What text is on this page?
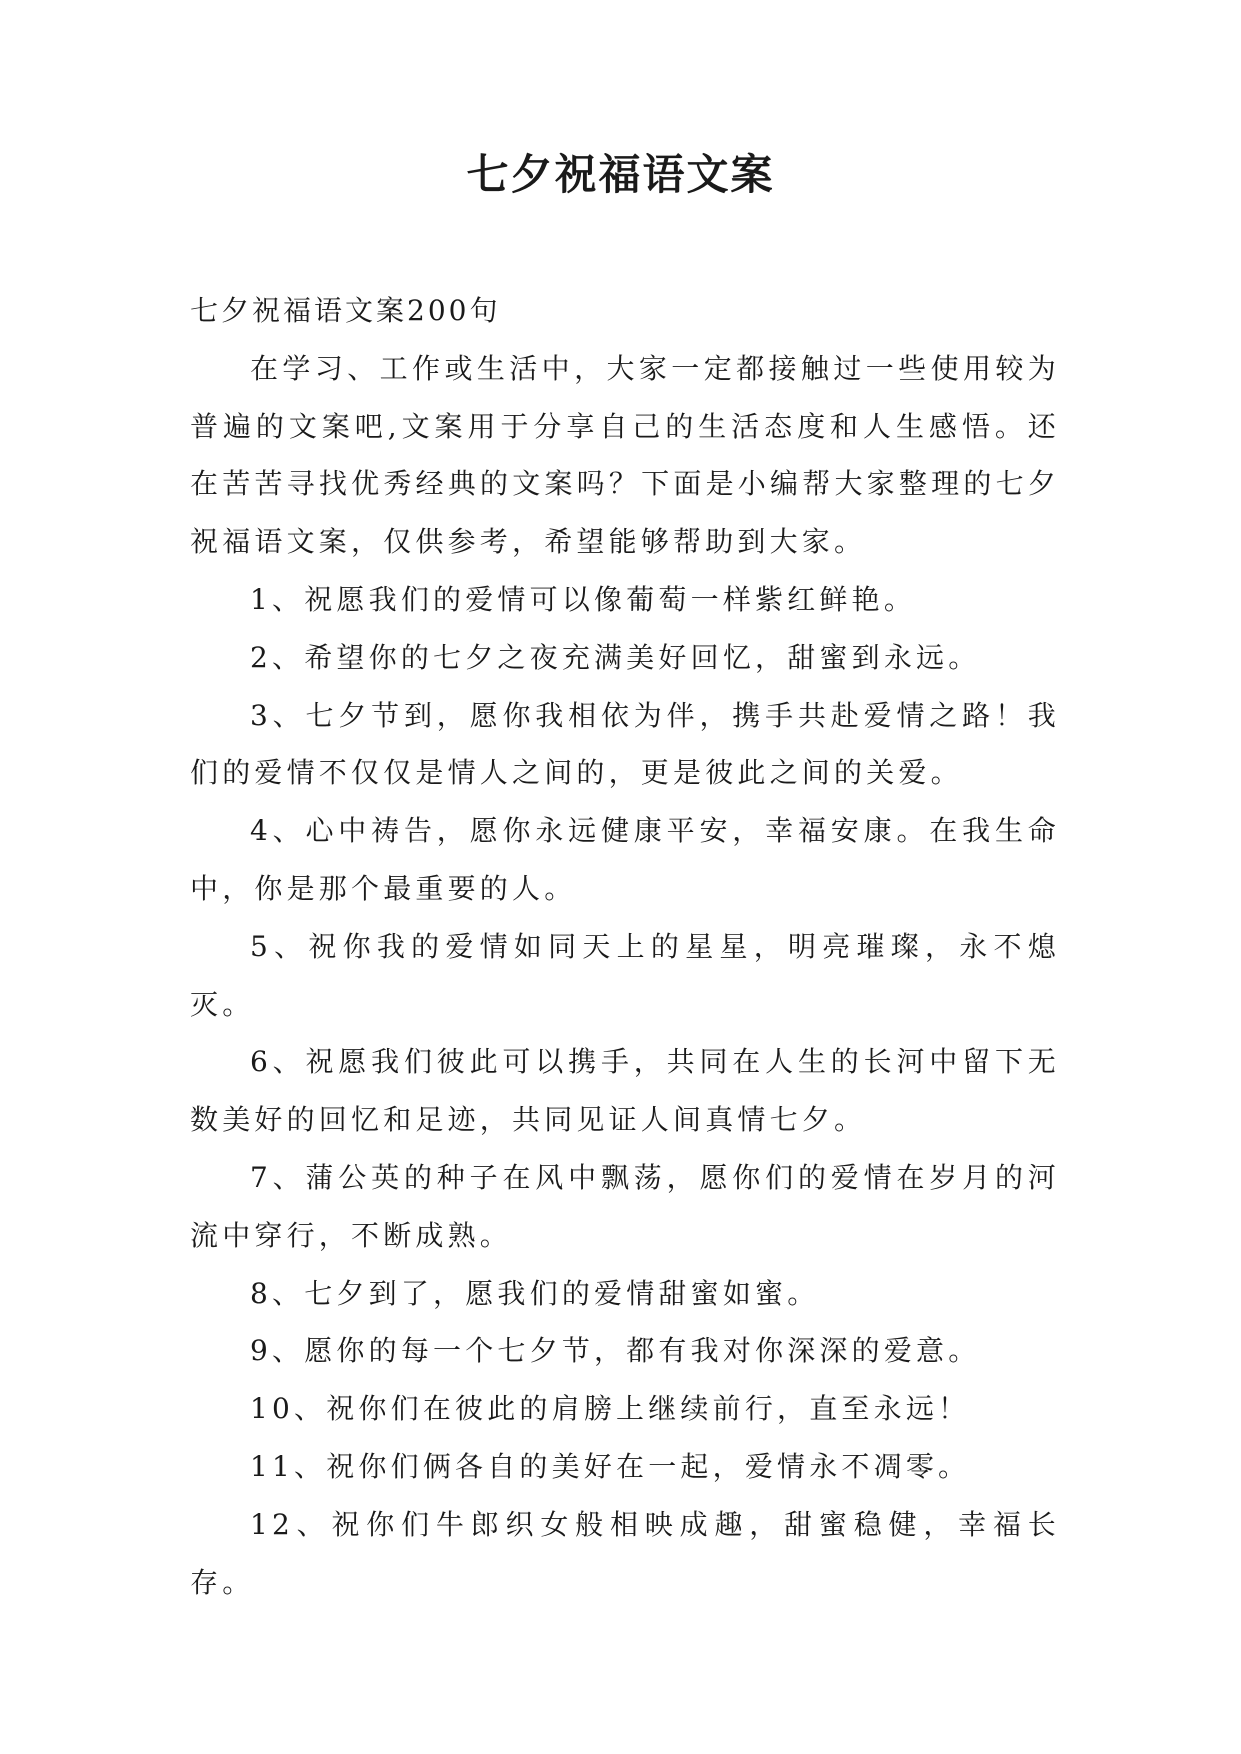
七夕祝福语文案

七夕祝福语文案200句

在学习、工作或生活中，大家一定都接触过一些使用较为普遍的文案吧,文案用于分享自己的生活态度和人生感悟。还在苦苦寻找优秀经典的文案吗？下面是小编帮大家整理的七夕祝福语文案，仅供参考，希望能够帮助到大家。

1、祝愿我们的爱情可以像葡萄一样紫红鲜艳。

2、希望你的七夕之夜充满美好回忆，甜蜜到永远。

3、七夕节到，愿你我相依为伴，携手共赴爱情之路！我们的爱情不仅仅是情人之间的，更是彼此之间的关爱。

4、心中祷告，愿你永远健康平安，幸福安康。在我生命中，你是那个最重要的人。

5、祝你我的爱情如同天上的星星，明亮璀璨，永不熄灭。

6、祝愿我们彼此可以携手，共同在人生的长河中留下无数美好的回忆和足迹，共同见证人间真情七夕。

7、蒲公英的种子在风中飘荡，愿你们的爱情在岁月的河流中穿行，不断成熟。

8、七夕到了，愿我们的爱情甜蜜如蜜。

9、愿你的每一个七夕节，都有我对你深深的爱意。

10、祝你们在彼此的肩膀上继续前行，直至永远！

11、祝你们俩各自的美好在一起，爱情永不凋零。

12、祝你们牛郎织女般相映成趣，甜蜜稳健，幸福长存。
